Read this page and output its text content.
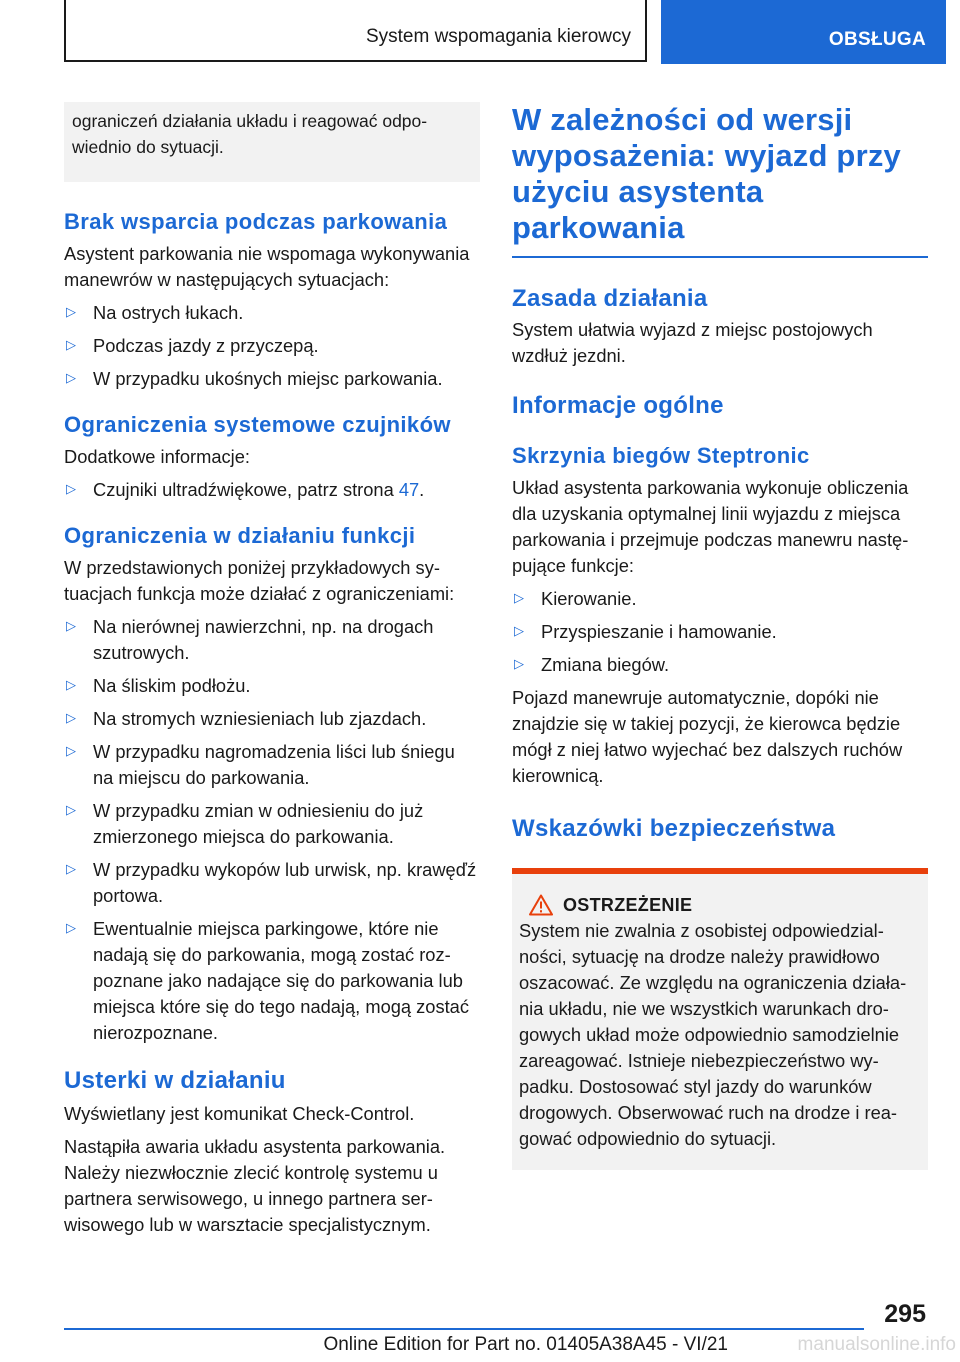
System wspomagania kierowcy	OBSŁUGA
ograniczeń działania układu i reagować odpowiednio do sytuacji.
Brak wsparcia podczas parkowania

Asystent parkowania nie wspomaga wykonywania manewrów w następujących sytuacjach:

▷ Na ostrych łukach.
▷ Podczas jazdy z przyczepą.
▷ W przypadku ukośnych miejsc parkowania.
Ograniczenia systemowe czujników

Dodatkowe informacje:

▷ Czujniki ultradźwiękowe, patrz strona 47.
Ograniczenia w działaniu funkcji

W przedstawionych poniżej przykładowych sytuacjach funkcja może działać z ograniczeniami:

▷ Na nierównej nawierzchni, np. na drogach szutrowych.
▷ Na śliskim podłożu.
▷ Na stromych wzniesieniach lub zjazdach.
▷ W przypadku nagromadzenia liści lub śniegu na miejscu do parkowania.
▷ W przypadku zmian w odniesieniu do już zmierzonego miejsca do parkowania.
▷ W przypadku wykopów lub urwisk, np. krawęďź portowa.
▷ Ewentualnie miejsca parkingowe, które nie nadają się do parkowania, mogą zostać rozpoznane jako nadające się do parkowania lub miejsca które się do tego nadają, mogą zostać nierozpoznane.
Usterki w działaniu

Wyświetlany jest komunikat Check-Control.

Nastąpiła awaria układu asystenta parkowania. Należy niezwłocznie zlecić kontrolę systemu u partnera serwisowego, u innego partnera serwisowego lub w warsztacie specjalistycznym.

W zależności od wersji wyposażenia: wyjazd przy użyciu asystenta parkowania
Zasada działania

System ułatwia wyjazd z miejsc postojowych wzdłuż jezdni.

Informacje ogólne
Skrzynia biegów Steptronic

Układ asystenta parkowania wykonuje obliczenia dla uzyskania optymalnej linii wyjazdu z miejsca parkowania i przejmuje podczas manewru następujące funkcje:

▷ Kierowanie.
▷ Przyspieszanie i hamowanie.
▷ Zmiana biegów.

Pojazd manewruje automatycznie, dopóki nie znajdzie się w takiej pozycji, że kierowca będzie mógł z niej łatwo wyjechać bez dalszych ruchów kierownicą.

Wskazówki bezpieczeństwa
OSTRZEŻENIE
System nie zwalnia z osobistej odpowiedzialności, sytuację na drodze należy prawidłowo oszacować. Ze względu na ograniczenia działania układu, nie we wszystkich warunkach drogowych układ może odpowiednio samodzielnie zareagować. Istnieje niebezpieczeństwo wypadku. Dostosować styl jazdy do warunków drogowych. Obserwować ruch na drodze i reagować odpowiednio do sytuacji.
295
Online Edition for Part no. 01405A38A45 - VI/21	manualsonline.info
